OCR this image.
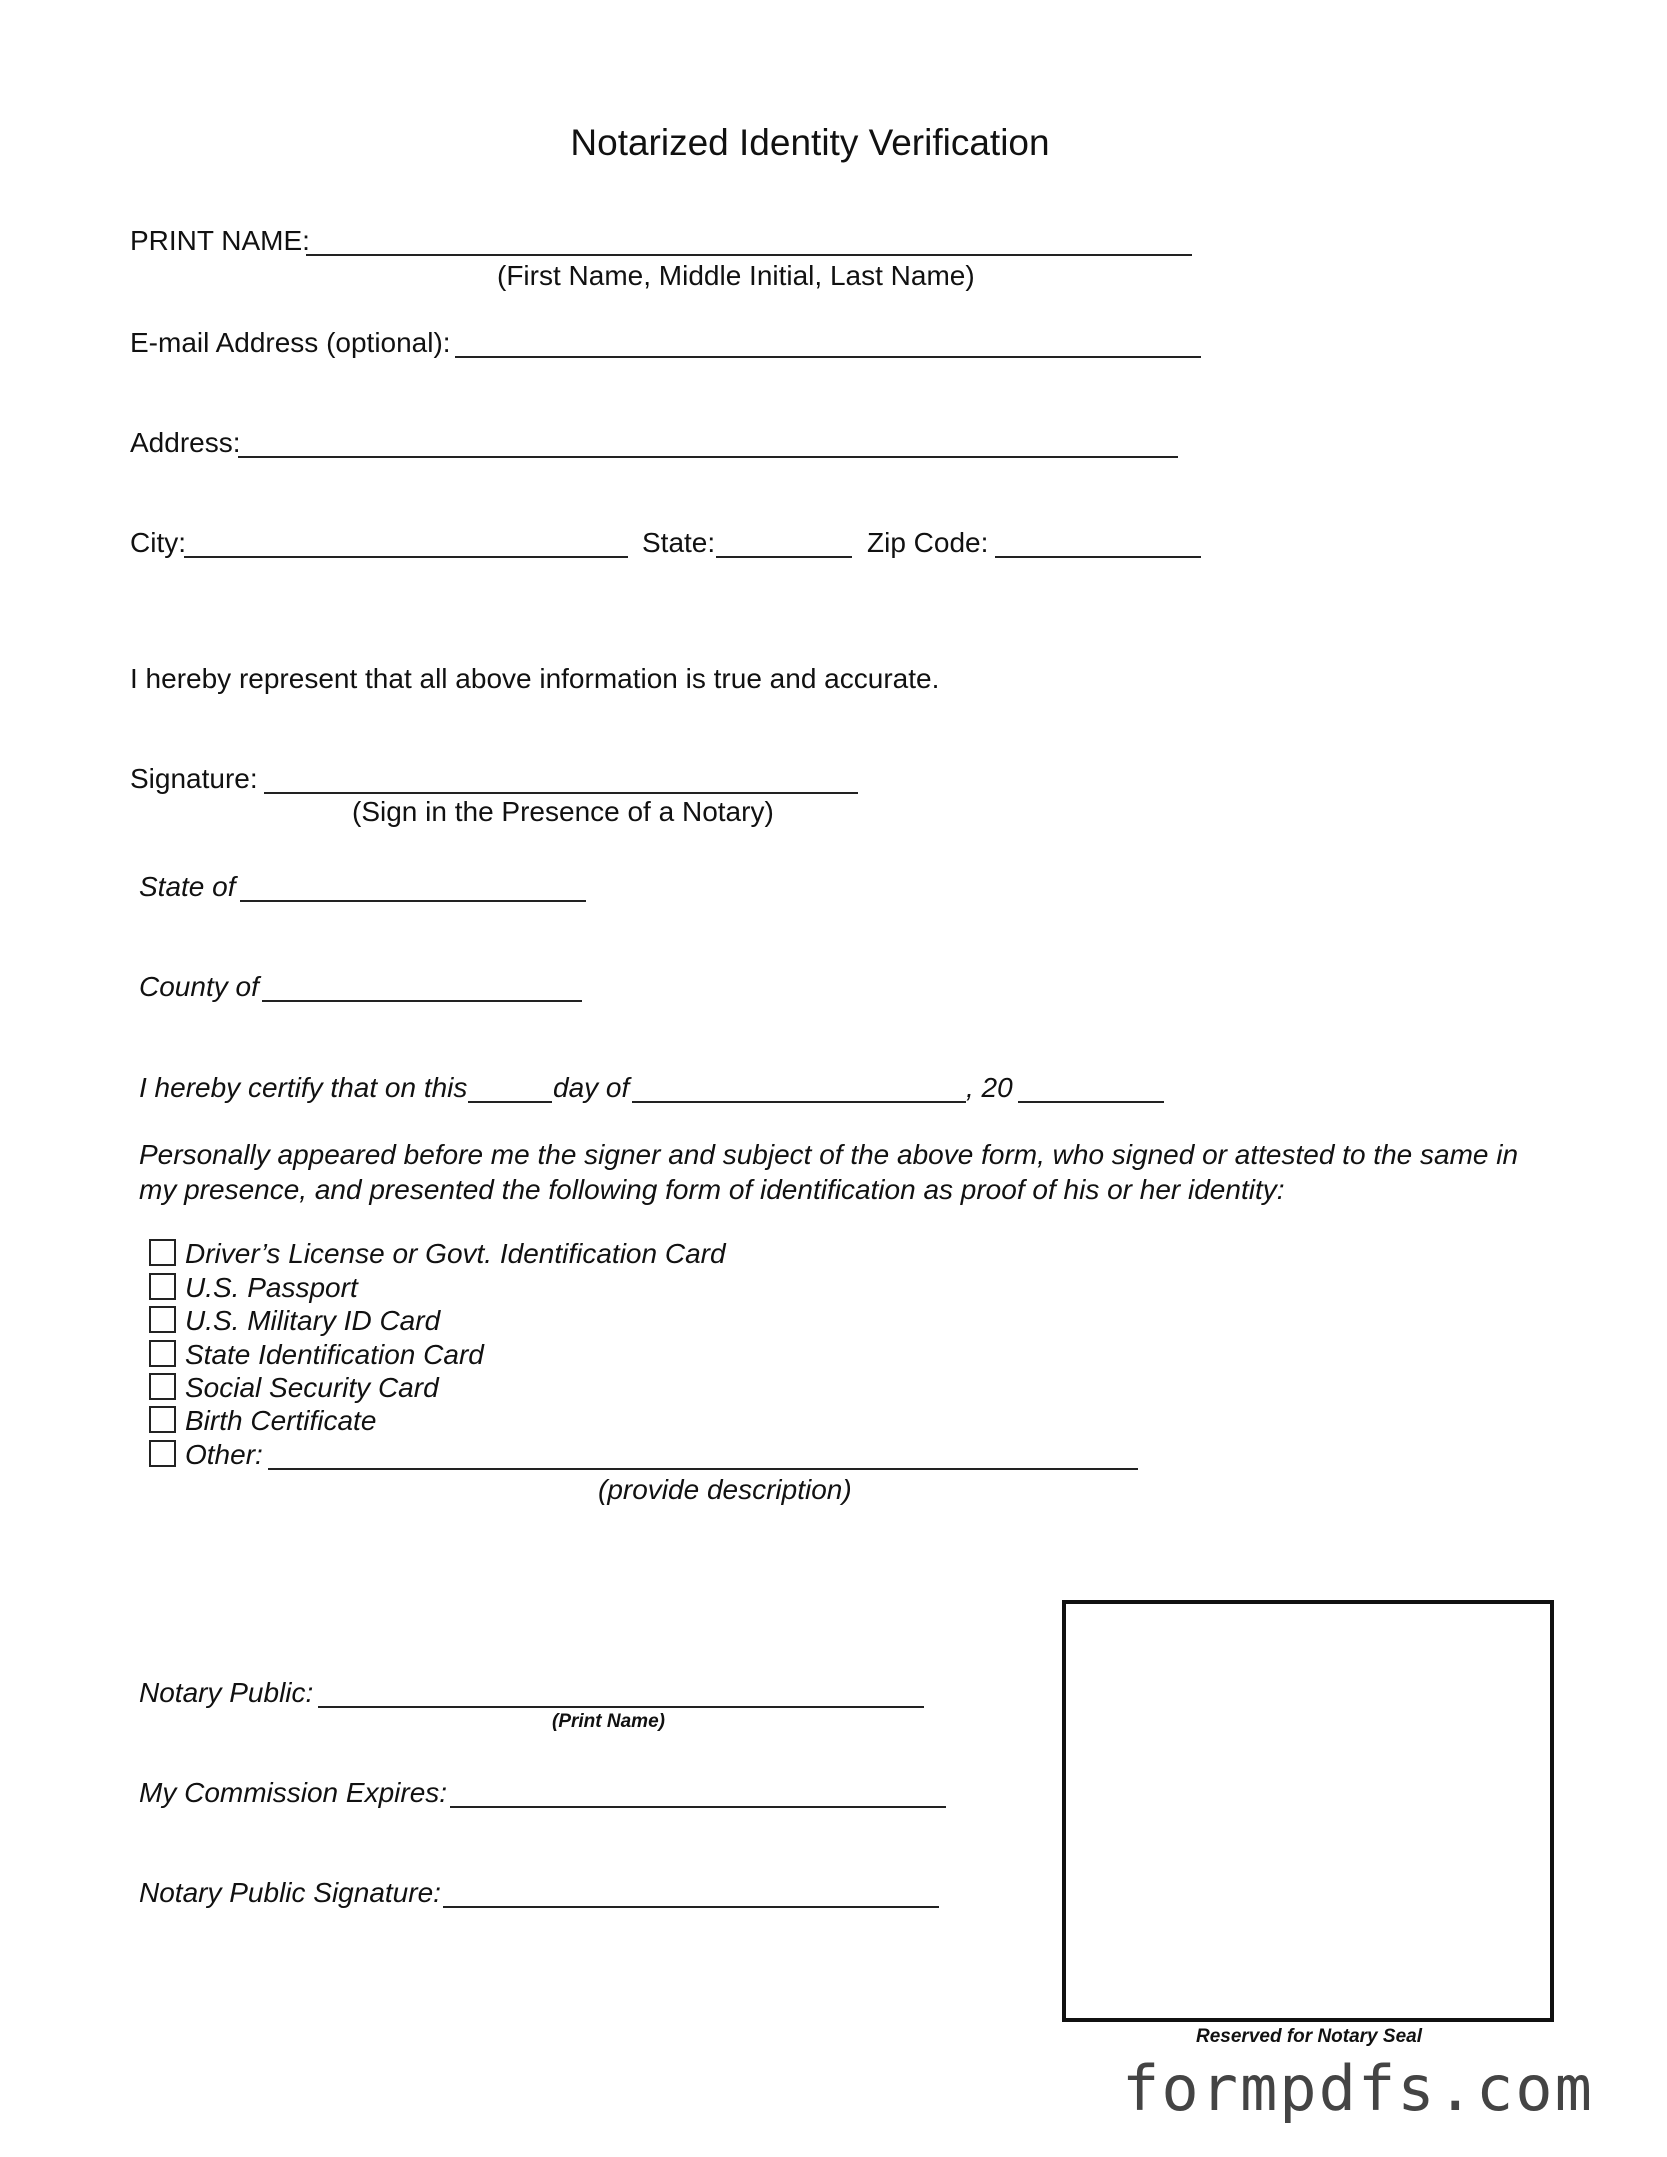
Notarized Identity Verification
PRINT NAME:
(First Name, Middle Initial, Last Name)
E-mail Address (optional):
Address:
City:	State:	Zip Code:
I hereby represent that all above information is true and accurate.
Signature:
(Sign in the Presence of a Notary)
State of
County of
I hereby certify that on this	day of	, 20
Personally appeared before me the signer and subject of the above form, who signed or attested to the same in my presence, and presented the following form of identification as proof of his or her identity:
Driver’s License or Govt. Identification Card
U.S. Passport
U.S. Military ID Card
State Identification Card
Social Security Card
Birth Certificate
Other:
(provide description)
Notary Public:
(Print Name)
My Commission Expires:
Notary Public Signature:
Reserved for Notary Seal
formpdfs.com
